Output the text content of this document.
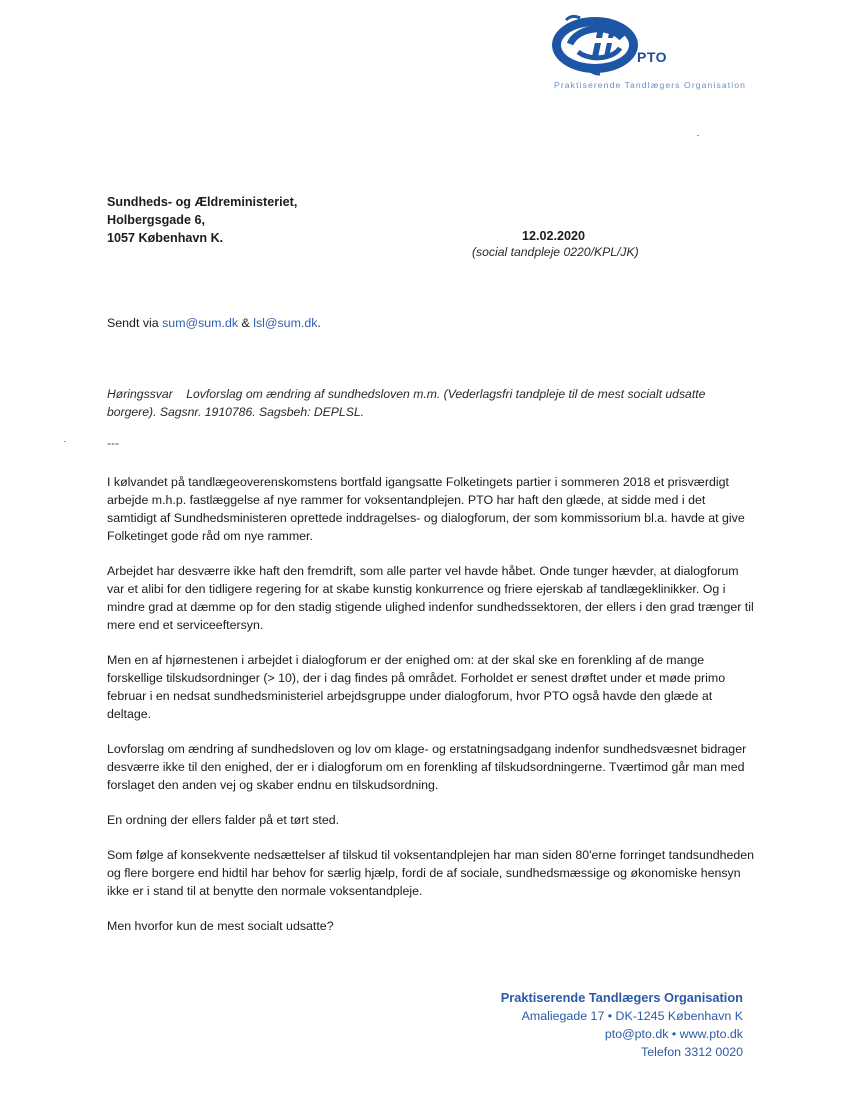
PTO
Praktiserende Tandlægers Organisation
Sundheds- og Ældreministeriet,
Holbergsgade 6,
1057 København K.	12.02.2020
(social tandpleje 0220/KPL/JK)
Sendt via sum@sum.dk & lsl@sum.dk.
Høringssvar    Lovforslag om ændring af sundhedsloven m.m. (Vederlagsfri tandpleje til de mest socialt udsatte borgere). Sagsnr. 1910786. Sagsbeh: DEPLSL.
---

I kølvandet på tandlægeoverenskomstens bortfald igangsatte Folketingets partier i sommeren 2018 et prisværdigt arbejde m.h.p. fastlæggelse af nye rammer for voksentandplejen. PTO har haft den glæde, at sidde med i det samtidigt af Sundhedsministeren oprettede inddragelses- og dialogforum, der som kommissorium bl.a. havde at give Folketinget gode råd om nye rammer.

Arbejdet har desværre ikke haft den fremdrift, som alle parter vel havde håbet. Onde tunger hævder, at dialogforum var et alibi for den tidligere regering for at skabe kunstig konkurrence og friere ejerskab af tandlægeklinikker. Og i mindre grad at dæmme op for den stadig stigende ulighed indenfor sundhedssektoren, der ellers i den grad trænger til mere end et serviceeftersyn.

Men en af hjørnestenen i arbejdet i dialogforum er der enighed om: at der skal ske en forenkling af de mange forskellige tilskudsordninger (> 10), der i dag findes på området. Forholdet er senest drøftet under et møde primo februar i en nedsat sundhedsministeriel arbejdsgruppe under dialogforum, hvor PTO også havde den glæde at deltage.

Lovforslag om ændring af sundhedsloven og lov om klage- og erstatningsadgang indenfor sundhedsvæsnet bidrager desværre ikke til den enighed, der er i dialogforum om en forenkling af tilskudsordningerne. Tværtimod går man med forslaget den anden vej og skaber endnu en tilskudsordning.

En ordning der ellers falder på et tørt sted.

Som følge af konsekvente nedsættelser af tilskud til voksentandplejen har man siden 80'erne forringet tandsundheden og flere borgere end hidtil har behov for særlig hjælp, fordi de af sociale, sundhedsmæssige og økonomiske hensyn ikke er i stand til at benytte den normale voksentandpleje.

Men hvorfor kun de mest socialt udsatte?

Praktiserende Tandlægers Organisation
Amaliegade 17 • DK-1245 København K
pto@pto.dk • www.pto.dk
Telefon 3312 0020
